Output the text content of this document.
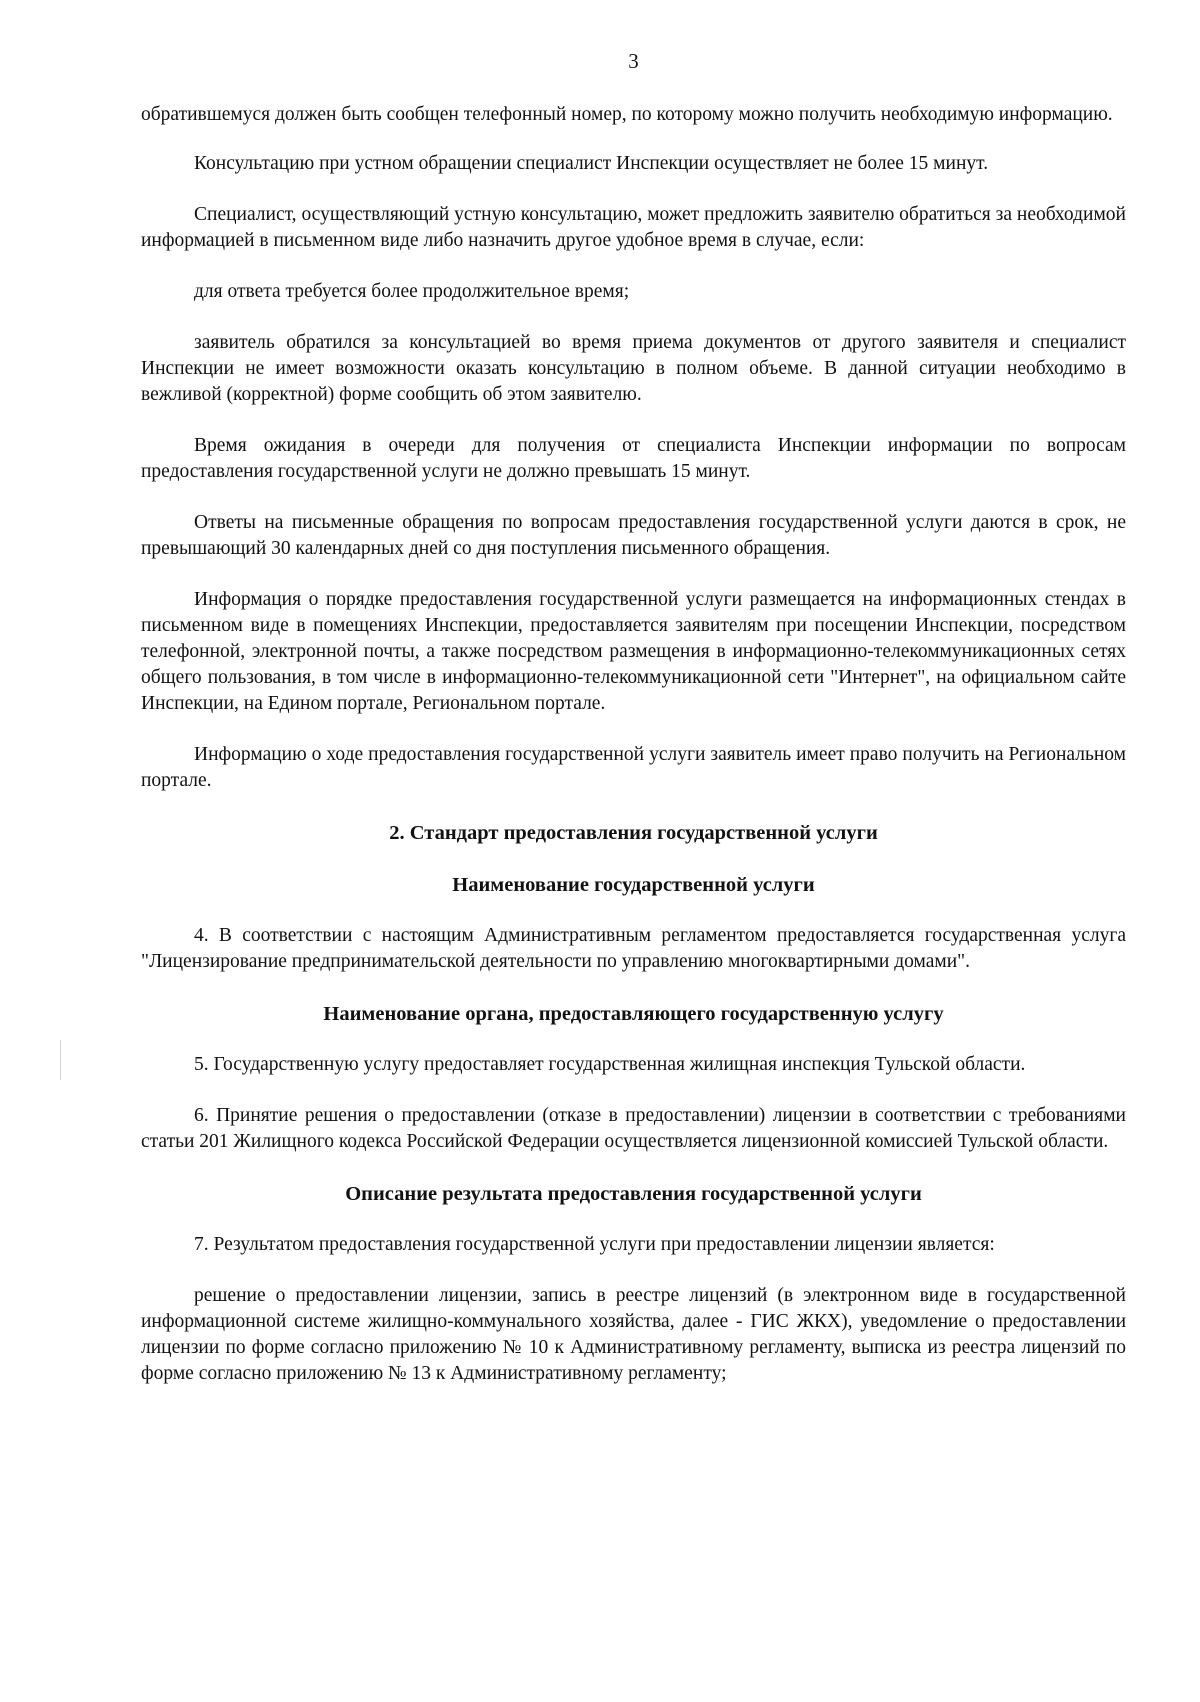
3

обратившемуся должен быть сообщен телефонный номер, по которому можно получить необходимую информацию.

Консультацию при устном обращении специалист Инспекции осуществляет не более 15 минут.

Специалист, осуществляющий устную консультацию, может предложить заявителю обратиться за необходимой информацией в письменном виде либо назначить другое удобное время в случае, если:

для ответа требуется более продолжительное время;

заявитель обратился за консультацией во время приема документов от другого заявителя и специалист Инспекции не имеет возможности оказать консультацию в полном объеме. В данной ситуации необходимо в вежливой (корректной) форме сообщить об этом заявителю.

Время ожидания в очереди для получения от специалиста Инспекции информации по вопросам предоставления государственной услуги не должно превышать 15 минут.

Ответы на письменные обращения по вопросам предоставления государственной услуги даются в срок, не превышающий 30 календарных дней со дня поступления письменного обращения.

Информация о порядке предоставления государственной услуги размещается на информационных стендах в письменном виде в помещениях Инспекции, предоставляется заявителям при посещении Инспекции, посредством телефонной, электронной почты, а также посредством размещения в информационно-телекоммуникационных сетях общего пользования, в том числе в информационно-телекоммуникационной сети "Интернет", на официальном сайте Инспекции, на Едином портале, Региональном портале.

Информацию о ходе предоставления государственной услуги заявитель имеет право получить на Региональном портале.

2. Стандарт предоставления государственной услуги
Наименование государственной услуги

4. В соответствии с настоящим Административным регламентом предоставляется государственная услуга "Лицензирование предпринимательской деятельности по управлению многоквартирными домами".

Наименование органа, предоставляющего государственную услугу

5. Государственную услугу предоставляет государственная жилищная инспекция Тульской области.

6. Принятие решения о предоставлении (отказе в предоставлении) лицензии в соответствии с требованиями статьи 201 Жилищного кодекса Российской Федерации осуществляется лицензионной комиссией Тульской области.

Описание результата предоставления государственной услуги

7. Результатом предоставления государственной услуги при предоставлении лицензии является:

решение о предоставлении лицензии, запись в реестре лицензий (в электронном виде в государственной информационной системе жилищно-коммунального хозяйства, далее - ГИС ЖКХ), уведомление о предоставлении лицензии по форме согласно приложению № 10 к Административному регламенту, выписка из реестра лицензий по форме согласно приложению № 13 к Административному регламенту;
